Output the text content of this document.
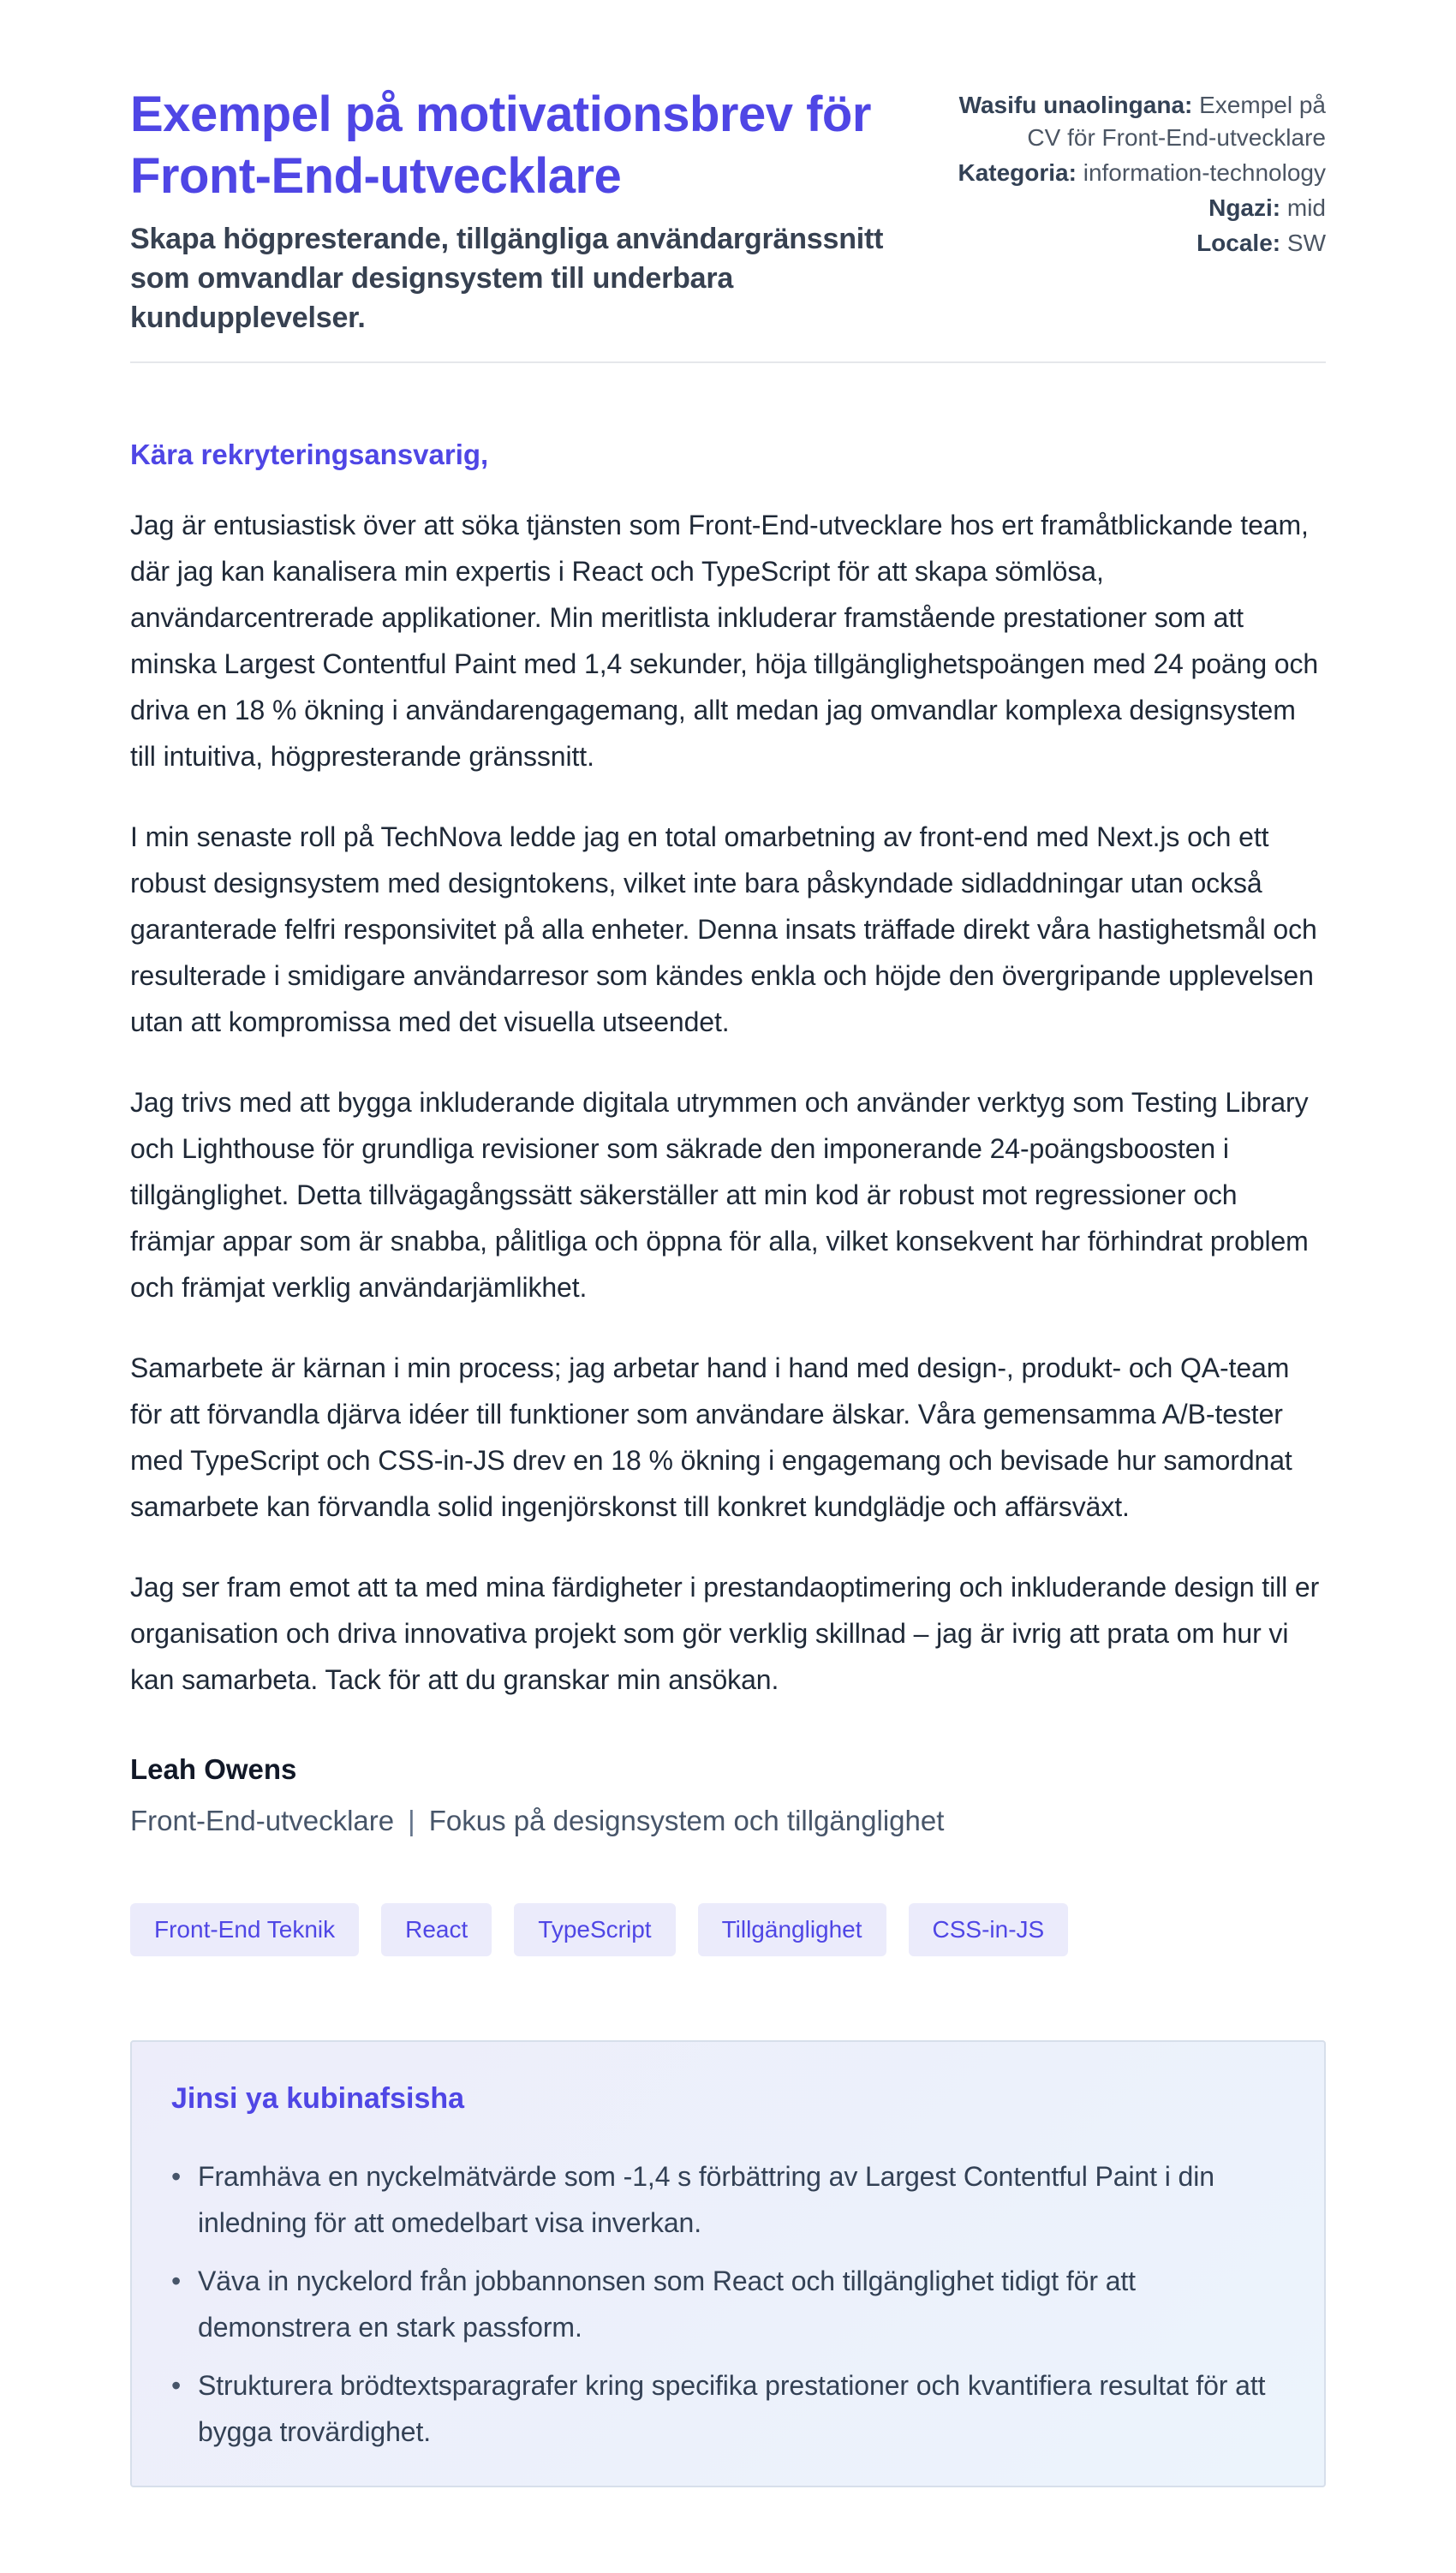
Exempel på motivationsbrev för Front-End-utvecklare

Skapa högpresterande, tillgängliga användargränssnitt som omvandlar designsystem till underbara kundupplevelser.

Wasifu unaolingana: Exempel på CV för Front-End-utvecklare
Kategoria: information-technology
Ngazi: mid
Locale: SW

Kära rekryteringsansvarig,

Jag är entusiastisk över att söka tjänsten som Front-End-utvecklare hos ert framåtblickande team, där jag kan kanalisera min expertis i React och TypeScript för att skapa sömlösa, användarcentrerade applikationer. Min meritlista inkluderar framstående prestationer som att minska Largest Contentful Paint med 1,4 sekunder, höja tillgänglighetspoängen med 24 poäng och driva en 18 % ökning i användarengagemang, allt medan jag omvandlar komplexa designsystem till intuitiva, högpresterande gränssnitt.

I min senaste roll på TechNova ledde jag en total omarbetning av front-end med Next.js och ett robust designsystem med designtokens, vilket inte bara påskyndade sidladdningar utan också garanterade felfri responsivitet på alla enheter. Denna insats träffade direkt våra hastighetsmål och resulterade i smidigare användarresor som kändes enkla och höjde den övergripande upplevelsen utan att kompromissa med det visuella utseendet.

Jag trivs med att bygga inkluderande digitala utrymmen och använder verktyg som Testing Library och Lighthouse för grundliga revisioner som säkrade den imponerande 24-poängsboosten i tillgänglighet. Detta tillvägagångssätt säkerställer att min kod är robust mot regressioner och främjar appar som är snabba, pålitliga och öppna för alla, vilket konsekvent har förhindrat problem och främjat verklig användarjämlikhet.

Samarbete är kärnan i min process; jag arbetar hand i hand med design-, produkt- och QA-team för att förvandla djärva idéer till funktioner som användare älskar. Våra gemensamma A/B-tester med TypeScript och CSS-in-JS drev en 18 % ökning i engagemang och bevisade hur samordnat samarbete kan förvandla solid ingenjörskonst till konkret kundglädje och affärsväxt.

Jag ser fram emot att ta med mina färdigheter i prestandaoptimering och inkluderande design till er organisation och driva innovativa projekt som gör verklig skillnad – jag är ivrig att prata om hur vi kan samarbeta. Tack för att du granskar min ansökan.

Leah Owens

Front-End-utvecklare | Fokus på designsystem och tillgänglighet

Front-End Teknik	React	TypeScript	Tillgänglighet	CSS-in-JS
Jinsi ya kubinafsisha
• Framhäva en nyckelmätvärde som -1,4 s förbättring av Largest Contentful Paint i din inledning för att omedelbart visa inverkan.
• Väva in nyckelord från jobbannonsen som React och tillgänglighet tidigt för att demonstrera en stark passform.
• Strukturera brödtextsparagrafer kring specifika prestationer och kvantifiera resultat för att bygga trovärdighet.
